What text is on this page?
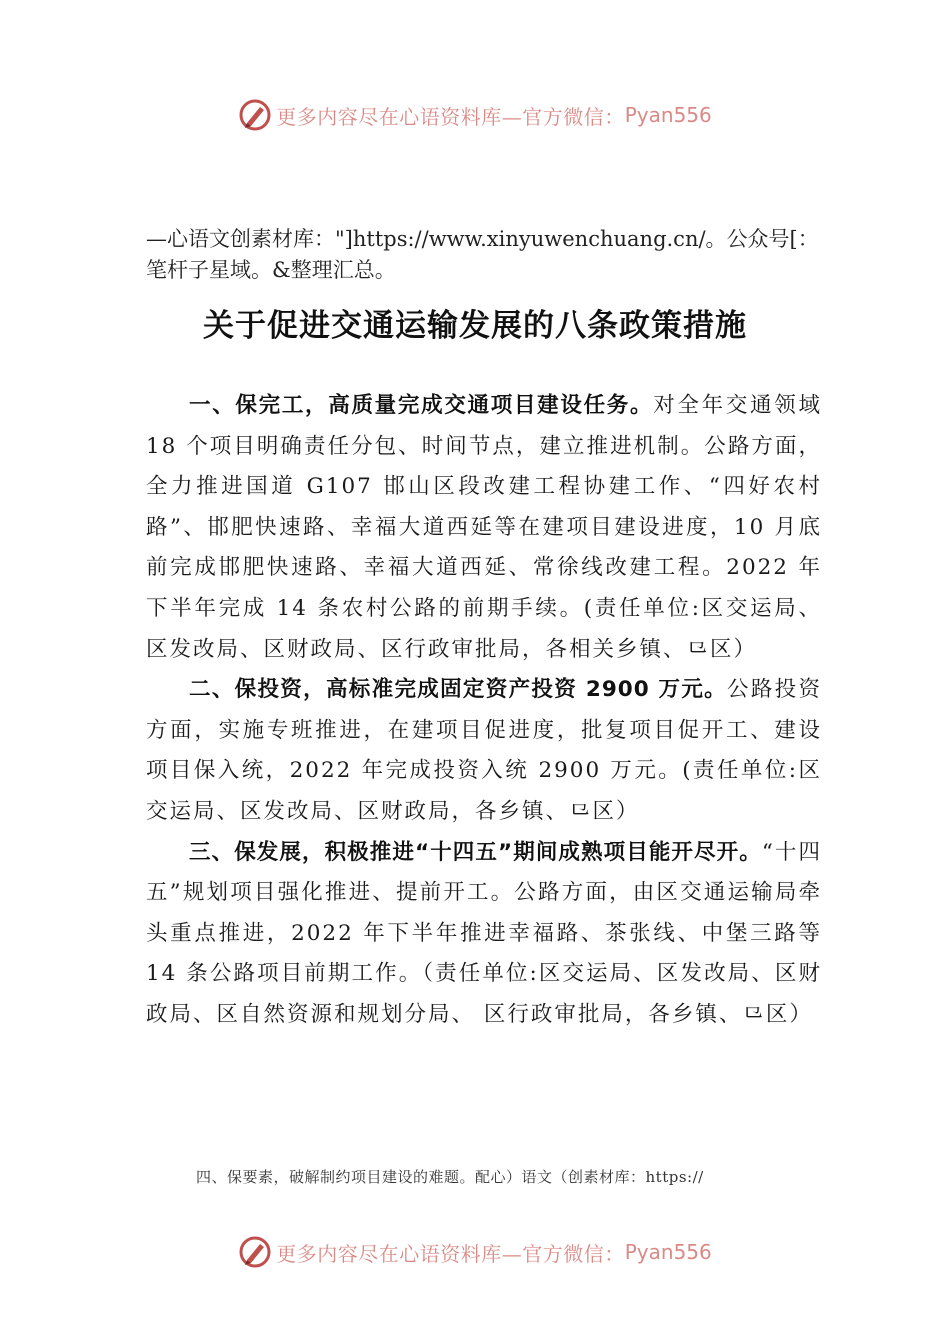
更多内容尽在心语资料库—官方微信： Pyan556
—心语文创素材库："]https://www.xinyuwenchuang.cn/。公众号[：笔杆子星域。&整理汇总。
关于促进交通运输发展的八条政策措施

一、保完工，高质量完成交通项目建设任务。对全年交通领域 18 个项目明确责任分包、时间节点，建立推进机制。公路方面，全力推进国道 G107 邯山区段改建工程协建工作、“四好农村路”、邯肥快速路、幸福大道西延等在建项目建设进度，10 月底前完成邯肥快速路、幸福大道西延、常徐线改建工程。2022 年下半年完成 14 条农村公路的前期手续。(责任单位:区交运局、区发改局、区财政局、区行政审批局，各相关乡镇、⺋区）

二、保投资，高标准完成固定资产投资 2900 万元。公路投资方面，实施专班推进，在建项目促进度，批复项目促开工、建设项目保入统，2022 年完成投资入统 2900 万元。(责任单位:区交运局、区发改局、区财政局，各乡镇、⺋区）

三、保发展，积极推进“十四五”期间成熟项目能开尽开。“十四五”规划项目强化推进、提前开工。公路方面，由区交通运输局牵头重点推进，2022 年下半年推进幸福路、茶张线、中堡三路等 14 条公路项目前期工作。（责任单位:区交运局、区发改局、区财政局、区自然资源和规划分局、 区行政审批局，各乡镇、⺋区）

四、保要素，破解制约项目建设的难题。配心）语文（创素材库：https://
更多内容尽在心语资料库—官方微信： Pyan556
